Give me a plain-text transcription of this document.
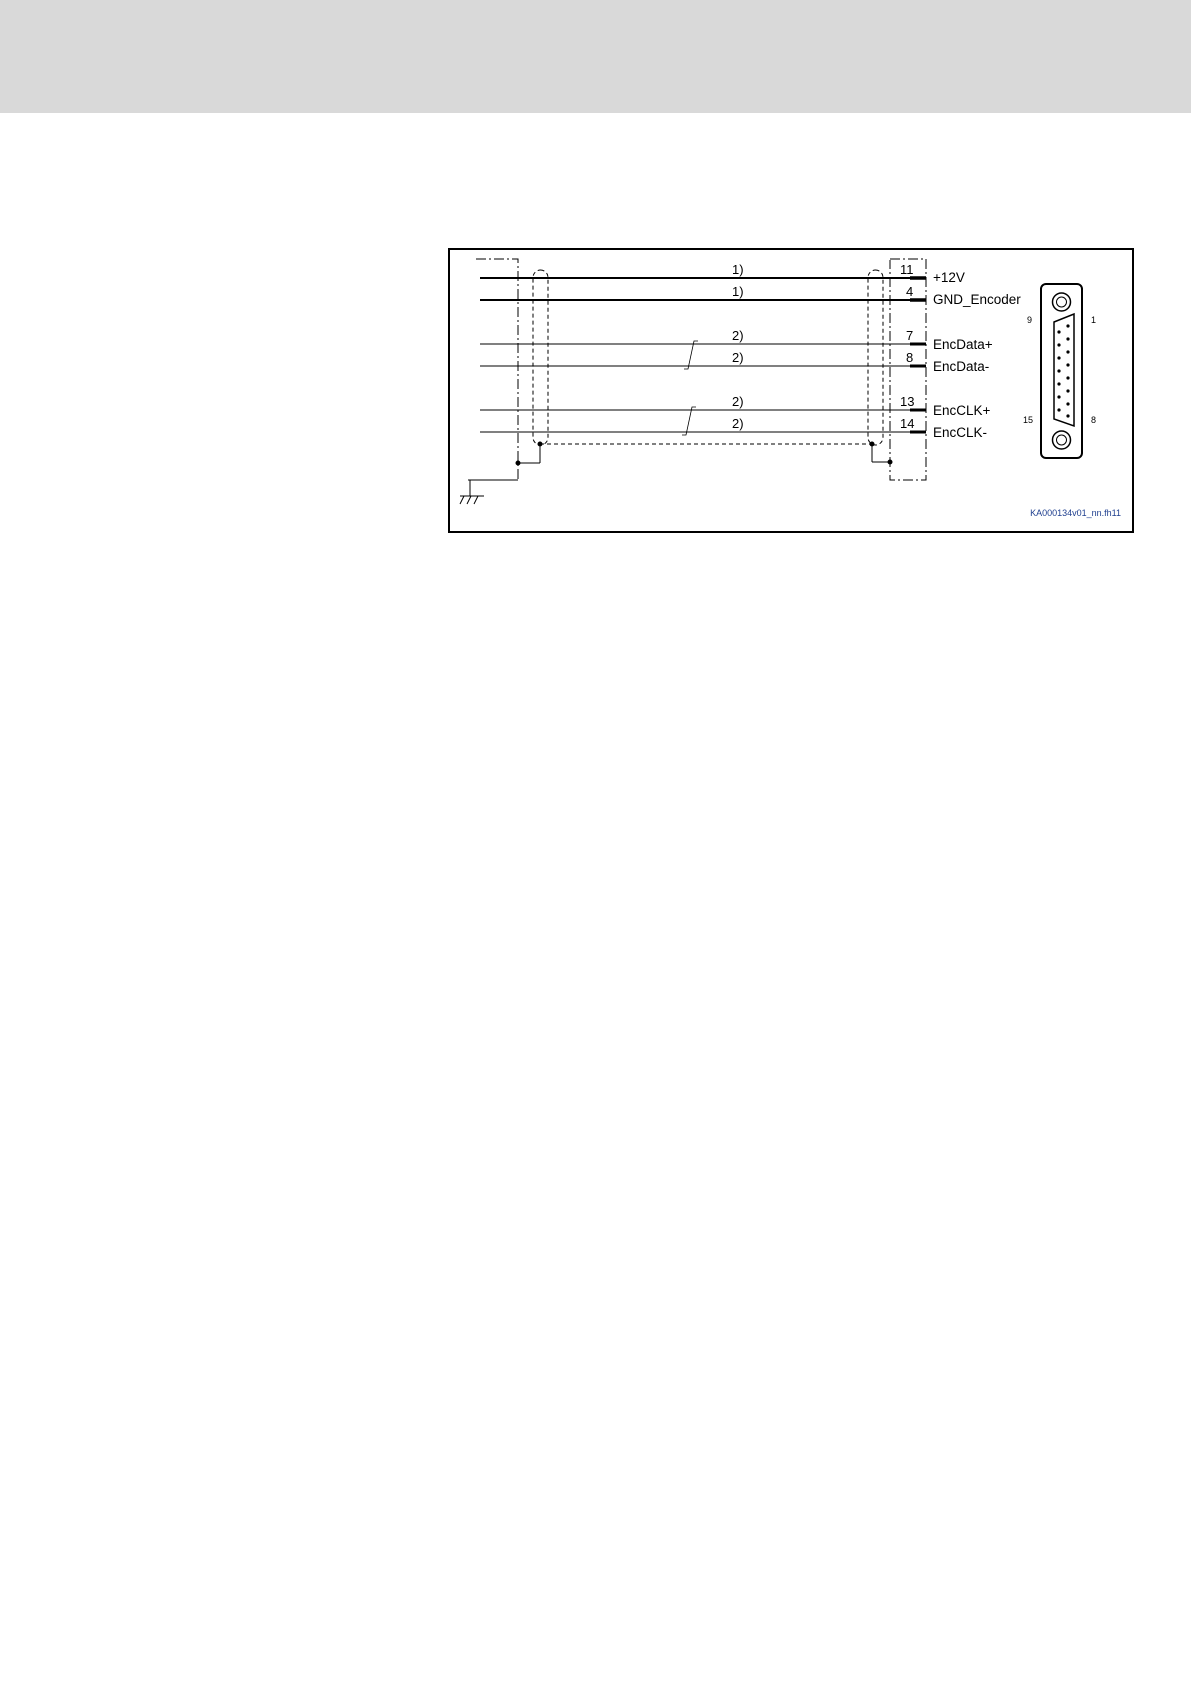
1)	11
+12V
1)	4
GND_Encoder
2)	7
EncData+
2)	8
EncData-
2)	13
EncCLK+
2)	14
EncCLK-
9	1
15	8
KA000134v01_nn.fh11
